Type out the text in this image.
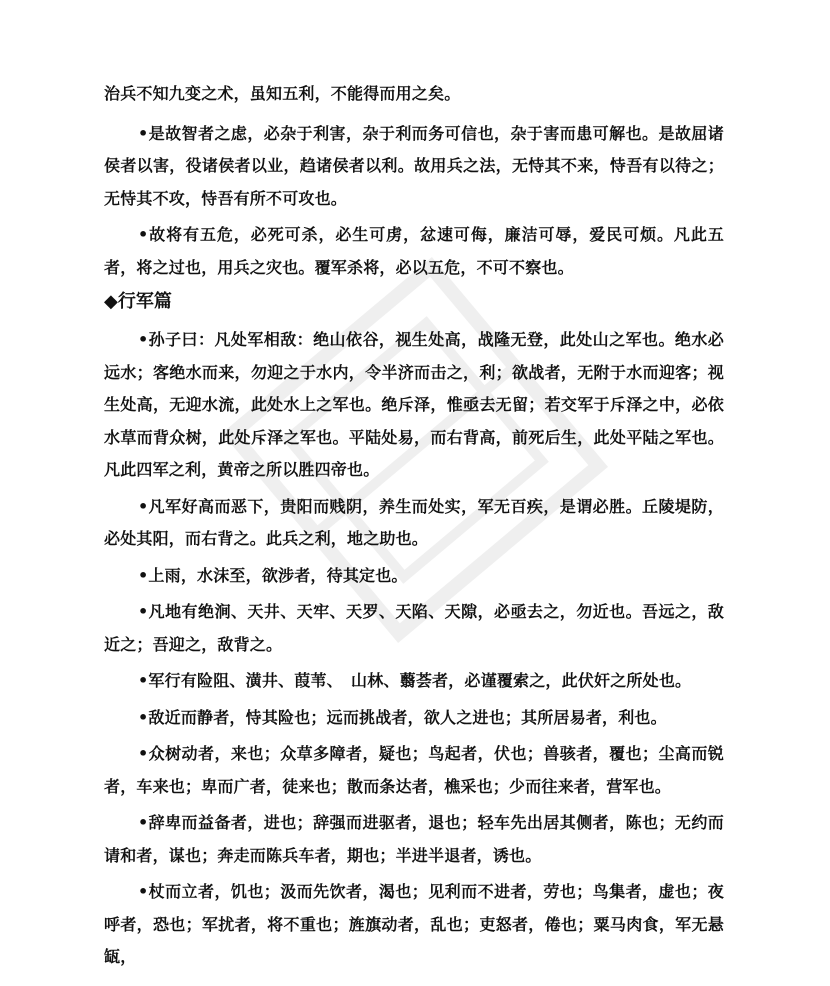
治兵不知九变之术，虽知五利，不能得而用之矣。

•是故智者之虑，必杂于利害，杂于利而务可信也，杂于害而患可解也。是故屈诸侯者以害，役诸侯者以业，趋诸侯者以利。故用兵之法，无恃其不来，恃吾有以待之；无恃其不攻，恃吾有所不可攻也。

•故将有五危，必死可杀，必生可虏，忿速可侮，廉洁可辱，爱民可烦。凡此五者，将之过也，用兵之灾也。覆军杀将，必以五危，不可不察也。

◆行军篇

•孙子曰：凡处军相敌：绝山依谷，视生处高，战隆无登，此处山之军也。绝水必远水；客绝水而来，勿迎之于水内，令半济而击之，利；欲战者，无附于水而迎客；视生处高，无迎水流，此处水上之军也。绝斥泽，惟亟去无留；若交军于斥泽之中，必依水草而背众树，此处斥泽之军也。平陆处易，而右背高，前死后生，此处平陆之军也。凡此四军之利，黄帝之所以胜四帝也。

•凡军好高而恶下，贵阳而贱阴，养生而处实，军无百疾，是谓必胜。丘陵堤防，必处其阳，而右背之。此兵之利，地之助也。

•上雨，水沫至，欲涉者，待其定也。

•凡地有绝涧、天井、天牢、天罗、天陷、天隙，必亟去之，勿近也。吾远之，敌近之；吾迎之，敌背之。

•军行有险阻、潢井、葭苇、　山林、蘙荟者，必谨覆索之，此伏奸之所处也。

•敌近而静者，恃其险也；远而挑战者，欲人之进也；其所居易者，利也。

•众树动者，来也；众草多障者，疑也；鸟起者，伏也；兽骇者，覆也；尘高而锐者，车来也；卑而广者，徒来也；散而条达者，樵采也；少而往来者，营军也。

•辞卑而益备者，进也；辞强而进驱者，退也；轻车先出居其侧者，陈也；无约而请和者，谋也；奔走而陈兵车者，期也；半进半退者，诱也。

•杖而立者，饥也；汲而先饮者，渴也；见利而不进者，劳也；鸟集者，虚也；夜呼者，恐也；军扰者，将不重也；旌旗动者，乱也；吏怒者，倦也；粟马肉食，军无悬缻，
